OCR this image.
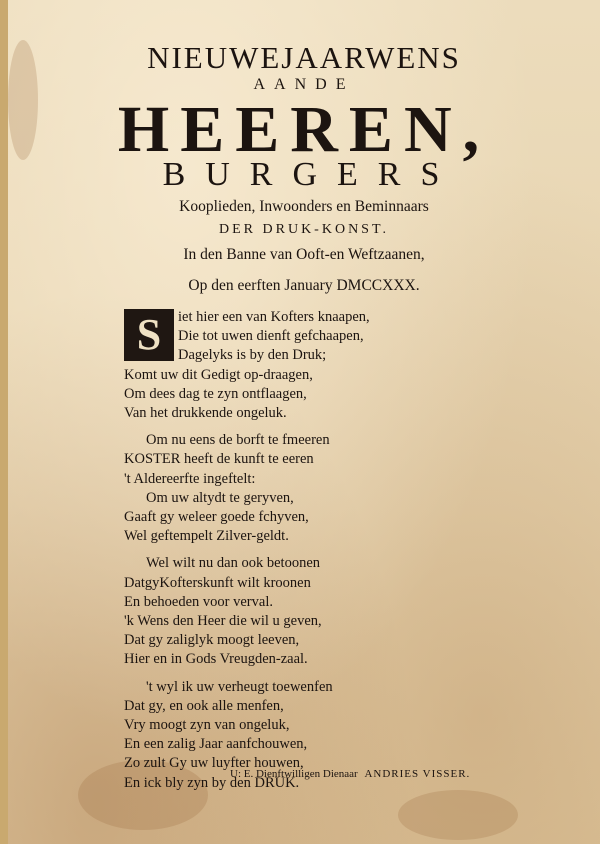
NIEUWEJAARWENS
AANDE
HEEREN,
BURGERS
Kooplieden, Inwoonders en Beminnaars
DER DRUK-KONST.
In den Banne van Ooft-en Weftzaanen,
Op den eerften January DMCCXXX.
S	iet hier een van Kofters knaapen,
Die tot uwen dienft gefchaapen,
Dagelyks is by den Druk;
Komt uw dit Gedigt op-draagen,
Om dees dag te zyn ontflaagen,
Van het drukkende ongeluk.
Om nu eens de borft te fmeeren
KOSTER heeft de kunft te eeren
't Aldereerfte ingeftelt:
Om uw altydt te geryven,
Gaaft gy weleer goede fchyven,
Wel geftempelt Zilver-geldt.
Wel wilt nu dan ook betoonen
DatgyKofterskunft wilt kroonen
En behoeden voor verval.
'k Wens den Heer die wil u geven,
Dat gy zaliglyk moogt leeven,
Hier en in Gods Vreugden-zaal.
't wyl ik uw verheugt toewenfen
Dat gy, en ook alle menfen,
Vry moogt zyn van ongeluk,
En een zalig Jaar aanfchouwen,
Zo zult Gy uw luyfter houwen,
En ick bly zyn by den DRUK.
U: E. Dienftwilligen Dienaar ANDRIES VISSER.
